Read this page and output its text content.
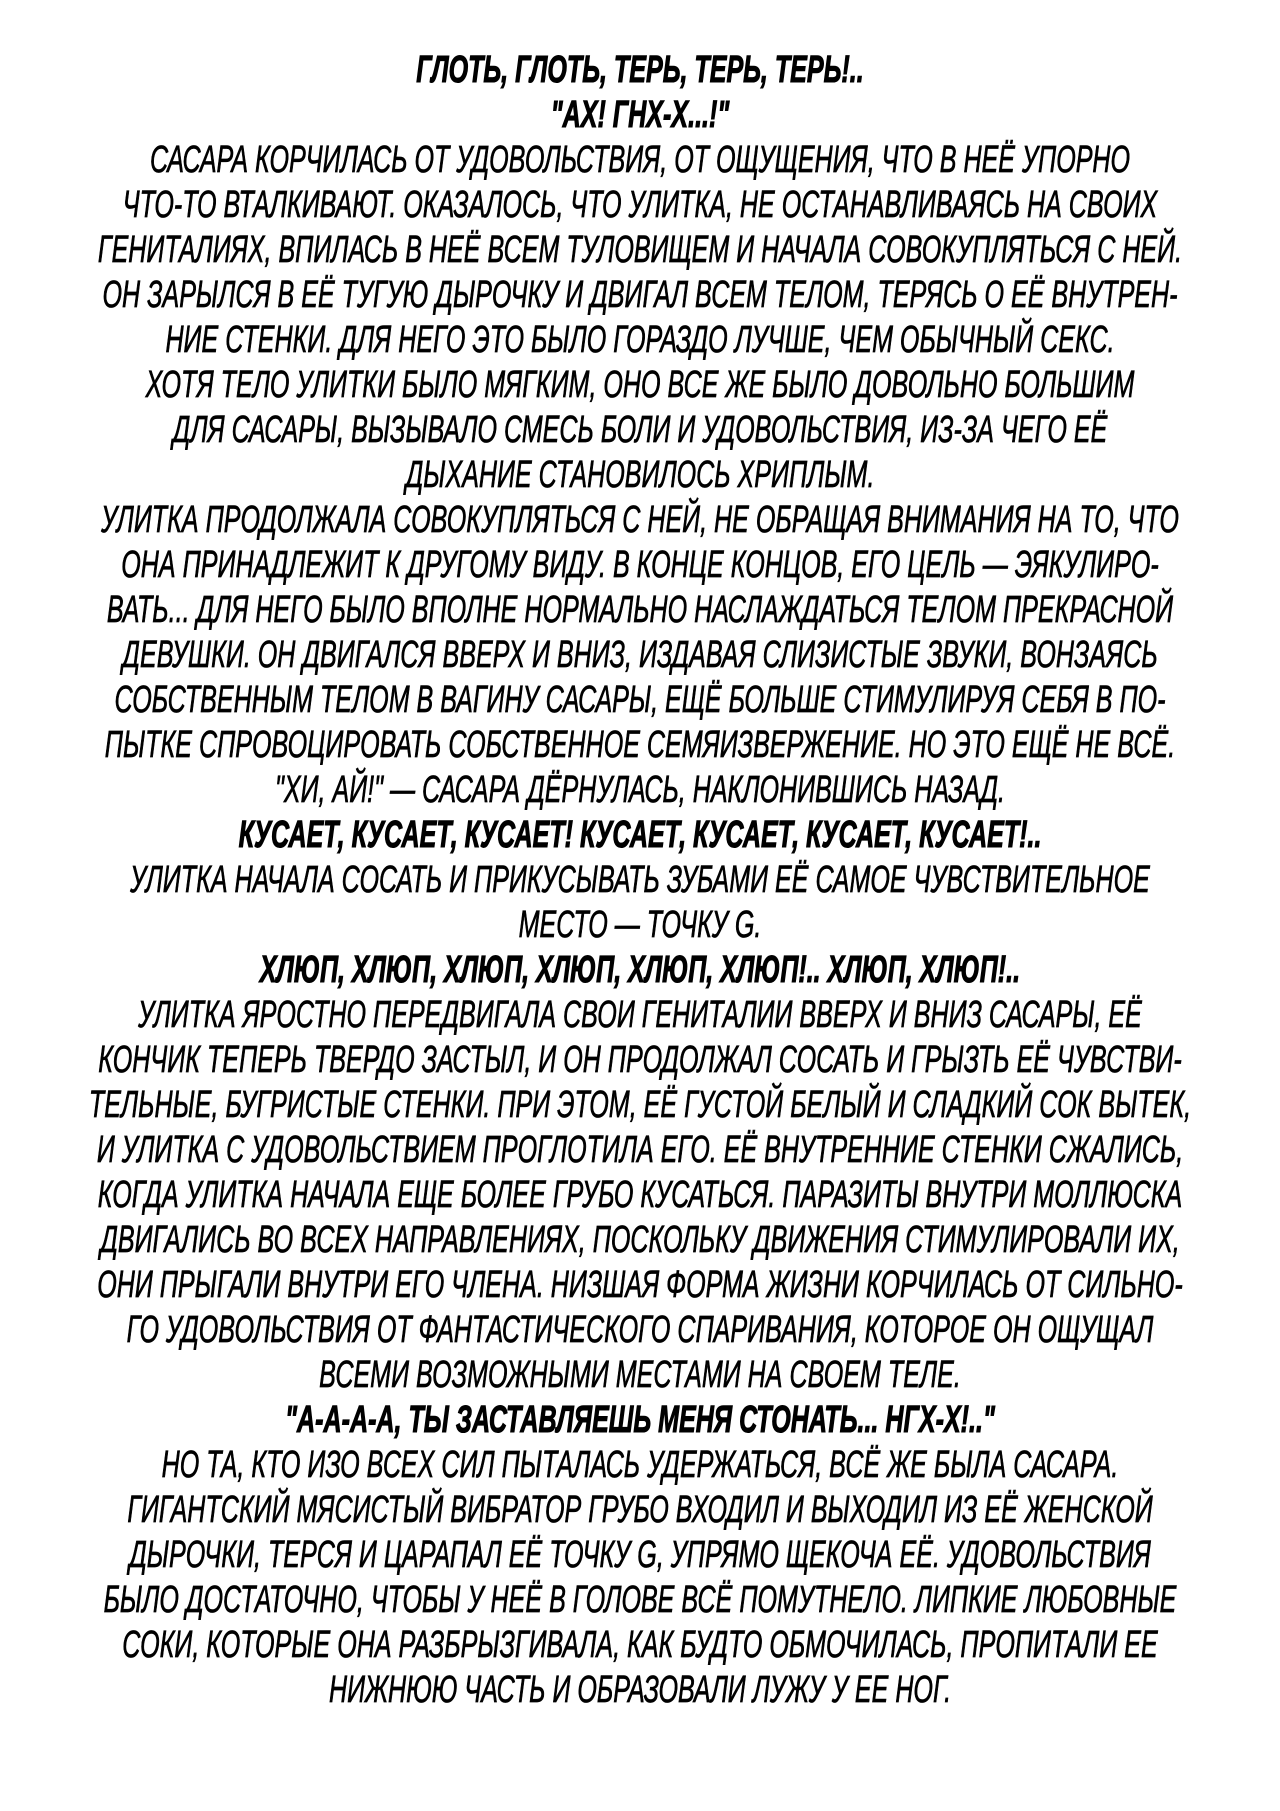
ГЛОТЬ, ГЛОТЬ, ТЕРЬ, ТЕРЬ, ТЕРЬ!..
"АХ! ГНХ-Х...!"
САСАРА КОРЧИЛАСЬ ОТ УДОВОЛЬСТВИЯ, ОТ ОЩУЩЕНИЯ, ЧТО В НЕЁ УПОРНО
ЧТО-ТО ВТАЛКИВАЮТ. ОКАЗАЛОСЬ, ЧТО УЛИТКА, НЕ ОСТАНАВЛИВАЯСЬ НА СВОИХ
ГЕНИТАЛИЯХ, ВПИЛАСЬ В НЕЁ ВСЕМ ТУЛОВИЩЕМ И НАЧАЛА СОВОКУПЛЯТЬСЯ С НЕЙ.
ОН ЗАРЫЛСЯ В ЕЁ ТУГУЮ ДЫРОЧКУ И ДВИГАЛ ВСЕМ ТЕЛОМ, ТЕРЯСЬ О ЕЁ ВНУТРЕН-
НИЕ СТЕНКИ. ДЛЯ НЕГО ЭТО БЫЛО ГОРАЗДО ЛУЧШЕ, ЧЕМ ОБЫЧНЫЙ СЕКС.
ХОТЯ ТЕЛО УЛИТКИ БЫЛО МЯГКИМ, ОНО ВСЕ ЖЕ БЫЛО ДОВОЛЬНО БОЛЬШИМ
ДЛЯ САСАРЫ, ВЫЗЫВАЛО СМЕСЬ БОЛИ И УДОВОЛЬСТВИЯ, ИЗ-ЗА ЧЕГО ЕЁ
ДЫХАНИЕ СТАНОВИЛОСЬ ХРИПЛЫМ.
УЛИТКА ПРОДОЛЖАЛА СОВОКУПЛЯТЬСЯ С НЕЙ, НЕ ОБРАЩАЯ ВНИМАНИЯ НА ТО, ЧТО
ОНА ПРИНАДЛЕЖИТ К ДРУГОМУ ВИДУ. В КОНЦЕ КОНЦОВ, ЕГО ЦЕЛЬ — ЭЯКУЛИРО-
ВАТЬ... ДЛЯ НЕГО БЫЛО ВПОЛНЕ НОРМАЛЬНО НАСЛАЖДАТЬСЯ ТЕЛОМ ПРЕКРАСНОЙ
ДЕВУШКИ. ОН ДВИГАЛСЯ ВВЕРХ И ВНИЗ, ИЗДАВАЯ СЛИЗИСТЫЕ ЗВУКИ, ВОНЗАЯСЬ
СОБСТВЕННЫМ ТЕЛОМ В ВАГИНУ САСАРЫ, ЕЩЁ БОЛЬШЕ СТИМУЛИРУЯ СЕБЯ В ПО-
ПЫТКЕ СПРОВОЦИРОВАТЬ СОБСТВЕННОЕ СЕМЯИЗВЕРЖЕНИЕ. НО ЭТО ЕЩЁ НЕ ВСЁ.
"ХИ, АЙ!" — САСАРА ДЁРНУЛАСЬ, НАКЛОНИВШИСЬ НАЗАД.
КУСАЕТ, КУСАЕТ, КУСАЕТ! КУСАЕТ, КУСАЕТ, КУСАЕТ, КУСАЕТ!..
УЛИТКА НАЧАЛА СОСАТЬ И ПРИКУСЫВАТЬ ЗУБАМИ ЕЁ САМОЕ ЧУВСТВИТЕЛЬНОЕ
МЕСТО — ТОЧКУ G.
ХЛЮП, ХЛЮП, ХЛЮП, ХЛЮП, ХЛЮП, ХЛЮП!.. ХЛЮП, ХЛЮП!..
УЛИТКА ЯРОСТНО ПЕРЕДВИГАЛА СВОИ ГЕНИТАЛИИ ВВЕРХ И ВНИЗ САСАРЫ, ЕЁ
КОНЧИК ТЕПЕРЬ ТВЕРДО ЗАСТЫЛ, И ОН ПРОДОЛЖАЛ СОСАТЬ И ГРЫЗТЬ ЕЁ ЧУВСТВИ-
ТЕЛЬНЫЕ, БУГРИСТЫЕ СТЕНКИ. ПРИ ЭТОМ, ЕЁ ГУСТОЙ БЕЛЫЙ И СЛАДКИЙ СОК ВЫТЕК,
И УЛИТКА С УДОВОЛЬСТВИЕМ ПРОГЛОТИЛА ЕГО. ЕЁ ВНУТРЕННИЕ СТЕНКИ СЖАЛИСЬ,
КОГДА УЛИТКА НАЧАЛА ЕЩЕ БОЛЕЕ ГРУБО КУСАТЬСЯ. ПАРАЗИТЫ ВНУТРИ МОЛЛЮСКА
ДВИГАЛИСЬ ВО ВСЕХ НАПРАВЛЕНИЯХ, ПОСКОЛЬКУ ДВИЖЕНИЯ СТИМУЛИРОВАЛИ ИХ,
ОНИ ПРЫГАЛИ ВНУТРИ ЕГО ЧЛЕНА. НИЗШАЯ ФОРМА ЖИЗНИ КОРЧИЛАСЬ ОТ СИЛЬНО-
ГО УДОВОЛЬСТВИЯ ОТ ФАНТАСТИЧЕСКОГО СПАРИВАНИЯ, КОТОРОЕ ОН ОЩУЩАЛ
ВСЕМИ ВОЗМОЖНЫМИ МЕСТАМИ НА СВОЕМ ТЕЛЕ.
"А-А-А-А, ТЫ ЗАСТАВЛЯЕШЬ МЕНЯ СТОНАТЬ... НГХ-Х!.."
НО ТА, КТО ИЗО ВСЕХ СИЛ ПЫТАЛАСЬ УДЕРЖАТЬСЯ, ВСЁ ЖЕ БЫЛА САСАРА.
ГИГАНТСКИЙ МЯСИСТЫЙ ВИБРАТОР ГРУБО ВХОДИЛ И ВЫХОДИЛ ИЗ ЕЁ ЖЕНСКОЙ
ДЫРОЧКИ, ТЕРСЯ И ЦАРАПАЛ ЕЁ ТОЧКУ G, УПРЯМО ЩЕКОЧА ЕЁ. УДОВОЛЬСТВИЯ
БЫЛО ДОСТАТОЧНО, ЧТОБЫ У НЕЁ В ГОЛОВЕ ВСЁ ПОМУТНЕЛО. ЛИПКИЕ ЛЮБОВНЫЕ
СОКИ, КОТОРЫЕ ОНА РАЗБРЫЗГИВАЛА, КАК БУДТО ОБМОЧИЛАСЬ, ПРОПИТАЛИ ЕЕ
НИЖНЮЮ ЧАСТЬ И ОБРАЗОВАЛИ ЛУЖУ У ЕЕ НОГ.
